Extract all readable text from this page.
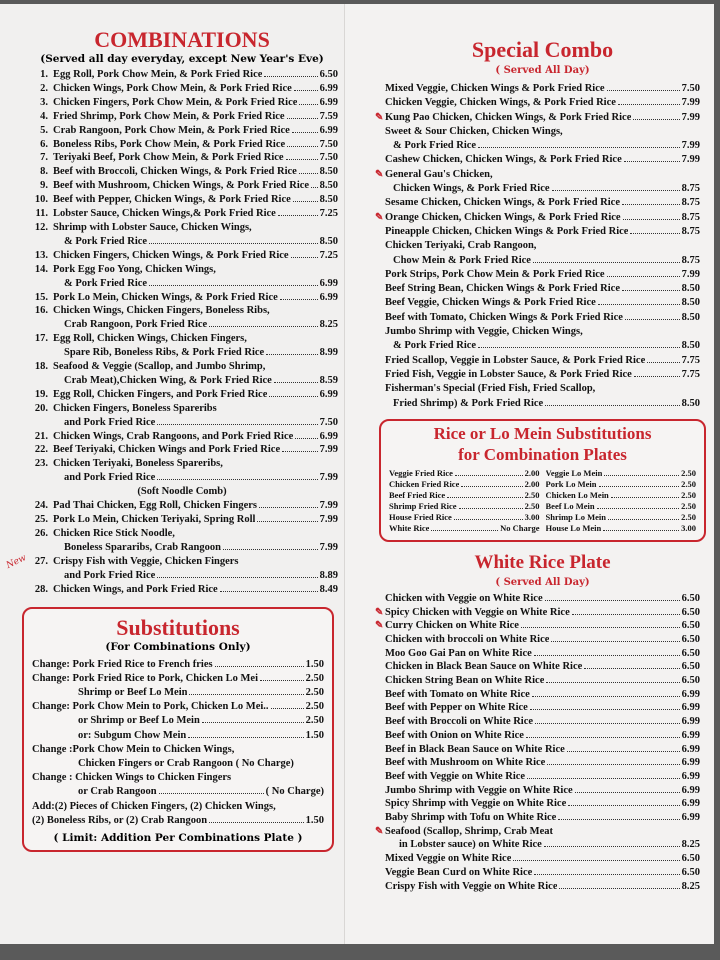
COMBINATIONS
(Served all day everyday, except New Year's Eve)
1. Egg Roll, Pork Chow Mein, & Pork Fried Rice	6.50
2. Chicken Wings, Pork Chow Mein, & Pork Fried Rice	6.99
3. Chicken Fingers, Pork Chow Mein, & Pork Fried Rice 6.99
4. Fried Shrimp, Pork Chow Mein, & Pork Fried Rice	7.59
5. Crab Rangoon, Pork Chow Mein, & Pork Fried Rice	6.99
6. Boneless Ribs, Pork Chow Mein, & Pork Fried Rice	7.50
7. Teriyaki Beef, Pork Chow Mein, & Pork Fried Rice	7.50
8. Beef with Broccoli, Chicken Wings, & Pork Fried Rice 8.50
9. Beef with Mushroom, Chicken Wings, & Pork Fried Rice 8.50
10. Beef with Pepper, Chicken Wings, & Pork Fried Rice	8.50
11. Lobster Sauce, Chicken Wings,& Pork Fried Rice	7.25
12. Shrimp with Lobster Sauce, Chicken Wings,
& Pork Fried Rice	8.50
13. Chicken Fingers, Chicken Wings, & Pork Fried Rice	7.25
14. Pork Egg Foo Yong, Chicken Wings,
& Pork Fried Rice	6.99
15. Pork Lo Mein, Chicken Wings, & Pork Fried Rice	6.99
16. Chicken Wings, Chicken Fingers, Boneless Ribs,
Crab Rangoon, Pork Fried Rice	8.25
17. Egg Roll, Chicken Wings, Chicken Fingers,
Spare Rib, Boneless Ribs, & Pork Fried Rice	8.99
18. Seafood & Veggie (Scallop, and Jumbo Shrimp,
Crab Meat),Chicken Wing, & Pork Fried Rice	8.59
19. Egg Roll, Chicken Fingers, and Pork Fried Rice	6.99
20. Chicken Fingers, Boneless Spareribs
and Pork Fried Rice	7.50
21. Chicken Wings, Crab Rangoons, and Pork Fried Rice	6.99
22. Beef Teriyaki, Chicken Wings and Pork Fried Rice	7.99
23. Chicken Teriyaki, Boneless Spareribs,
and Pork Fried Rice	7.99
(Soft Noodle Comb)
24. Pad Thai Chicken, Egg Roll, Chicken Fingers	7.99
25. Pork Lo Mein, Chicken Teriyaki, Spring Roll	7.99
26. Chicken Rice Stick Noodle,
Boneless Spararibs, Crab Rangoon	7.99
New 27. Crispy Fish with Veggie, Chicken Fingers
and Pork Fried Rice	8.89
28. Chicken Wings, and Pork Fried Rice	8.49
Substitutions
(For Combinations Only)
Change: Pork Fried Rice to French fries	1.50
Change: Pork Fried Rice to Pork, Chicken Lo Mei	2.50
Shrimp or Beef Lo Mein	2.50
Change: Pork Chow Mein to Pork, Chicken Lo Mei..	2.50
or Shrimp or Beef Lo Mein	2.50
or: Subgum Chow Mein	1.50
Change :Pork Chow Mein to Chicken Wings,
Chicken Fingers or Crab Rangoon ( No Charge)
Change : Chicken Wings to Chicken Fingers
or Crab Rangoon	( No Charge)
Add:(2) Pieces of Chicken Fingers, (2) Chicken Wings,
(2) Boneless Ribs, or (2) Crab Rangoon	1.50
( Limit: Addition Per Combinations Plate )
Special Combo
( Served All Day)
Mixed Veggie, Chicken Wings & Pork Fried Rice	7.50
Chicken Veggie, Chicken Wings, & Pork Fried Rice	7.99
✎ Kung Pao Chicken, Chicken Wings, & Pork Fried Rice	7.99
Sweet & Sour Chicken, Chicken Wings,
& Pork Fried Rice	7.99
Cashew Chicken, Chicken Wings, & Pork Fried Rice	7.99
✎ General Gau's Chicken,
Chicken Wings, & Pork Fried Rice	8.75
Sesame Chicken, Chicken Wings, & Pork Fried Rice	8.75
✎ Orange Chicken, Chicken Wings, & Pork Fried Rice	8.75
Pineapple Chicken, Chicken Wings & Pork Fried Rice	8.75
Chicken Teriyaki, Crab Rangoon,
Chow Mein & Pork Fried Rice	8.75
Pork Strips, Pork Chow Mein & Pork Fried Rice	7.99
Beef String Bean, Chicken Wings & Pork Fried Rice	8.50
Beef Veggie, Chicken Wings & Pork Fried Rice	8.50
Beef with Tomato, Chicken Wings & Pork Fried Rice	8.50
Jumbo Shrimp with Veggie, Chicken Wings,
& Pork Fried Rice	8.50
Fried Scallop, Veggie in Lobster Sauce, & Pork Fried Rice	7.75
Fried Fish, Veggie in Lobster Sauce, & Pork Fried Rice	7.75
Fisherman's Special (Fried Fish, Fried Scallop,
Fried Shrimp) & Pork Fried Rice	8.50
Rice or Lo Mein Substitutions
for Combination Plates
Veggie Fried Rice	2.00
Chicken Fried Rice	2.00
Beef Fried Rice	2.50
Shrimp Fried Rice	2.50
House Fried Rice	3.00
White Rice	No Charge
Veggie Lo Mein	2.50
Pork Lo Mein	2.50
Chicken Lo Mein	2.50
Beef Lo Mein	2.50
Shrimp Lo Mein	2.50
House Lo Mein	3.00
White Rice Plate
( Served All Day)
Chicken with Veggie on White Rice	6.50
✎ Spicy Chicken with Veggie on White Rice	6.50
✎ Curry Chicken on White Rice	6.50
Chicken with broccoli on White Rice	6.50
Moo Goo Gai Pan on White Rice	6.50
Chicken in Black Bean Sauce on White Rice	6.50
Chicken String Bean on White Rice	6.50
Beef with Tomato on White Rice	6.99
Beef with Pepper on White Rice	6.99
Beef with Broccoli on White Rice	6.99
Beef with Onion on White Rice	6.99
Beef in Black Bean Sauce on White Rice	6.99
Beef with Mushroom on White Rice	6.99
Beef with Veggie on White Rice	6.99
Jumbo Shrimp with Veggie on White Rice	6.99
Spicy Shrimp with Veggie on White Rice	6.99
Baby Shrimp with Tofu on White Rice	6.99
✎ Seafood (Scallop, Shrimp, Crab Meat
in Lobster sauce) on White Rice	8.25
Mixed Veggie on White Rice	6.50
Veggie Bean Curd on White Rice	6.50
Crispy Fish with Veggie on White Rice	8.25
